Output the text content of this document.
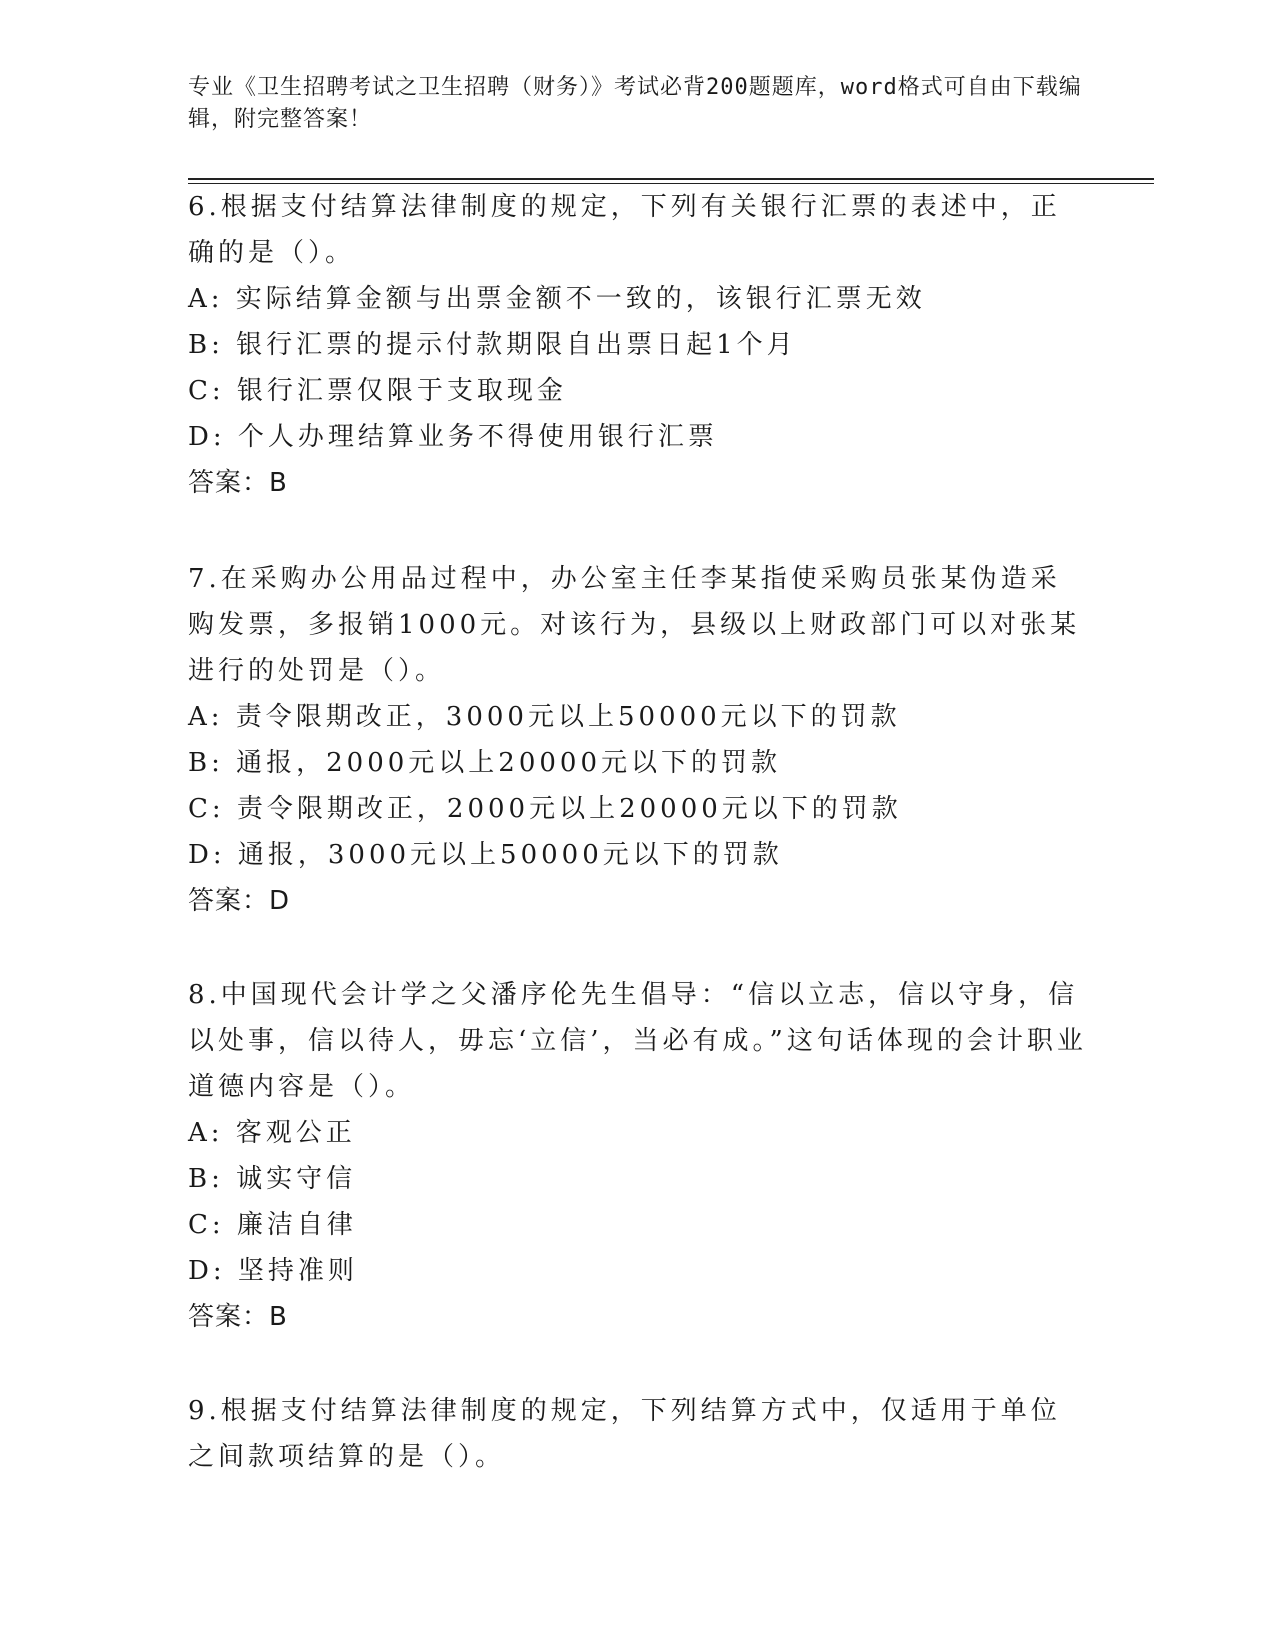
专业《卫生招聘考试之卫生招聘（财务）》考试必背200题题库，word格式可自由下载编辑，附完整答案！

6.根据支付结算法律制度的规定，下列有关银行汇票的表述中，正确的是（）。

A: 实际结算金额与出票金额不一致的，该银行汇票无效

B: 银行汇票的提示付款期限自出票日起1个月

C: 银行汇票仅限于支取现金

D: 个人办理结算业务不得使用银行汇票

答案：B

7.在采购办公用品过程中，办公室主任李某指使采购员张某伪造采购发票，多报销1000元。对该行为，县级以上财政部门可以对张某进行的处罚是（）。

A: 责令限期改正，3000元以上50000元以下的罚款

B: 通报，2000元以上20000元以下的罚款

C: 责令限期改正，2000元以上20000元以下的罚款

D: 通报，3000元以上50000元以下的罚款

答案：D

8.中国现代会计学之父潘序伦先生倡导：“信以立志，信以守身，信以处事，信以待人，毋忘‘立信’，当必有成。”这句话体现的会计职业道德内容是（）。

A: 客观公正

B: 诚实守信

C: 廉洁自律

D: 坚持准则

答案：B

9.根据支付结算法律制度的规定，下列结算方式中，仅适用于单位之间款项结算的是（）。
